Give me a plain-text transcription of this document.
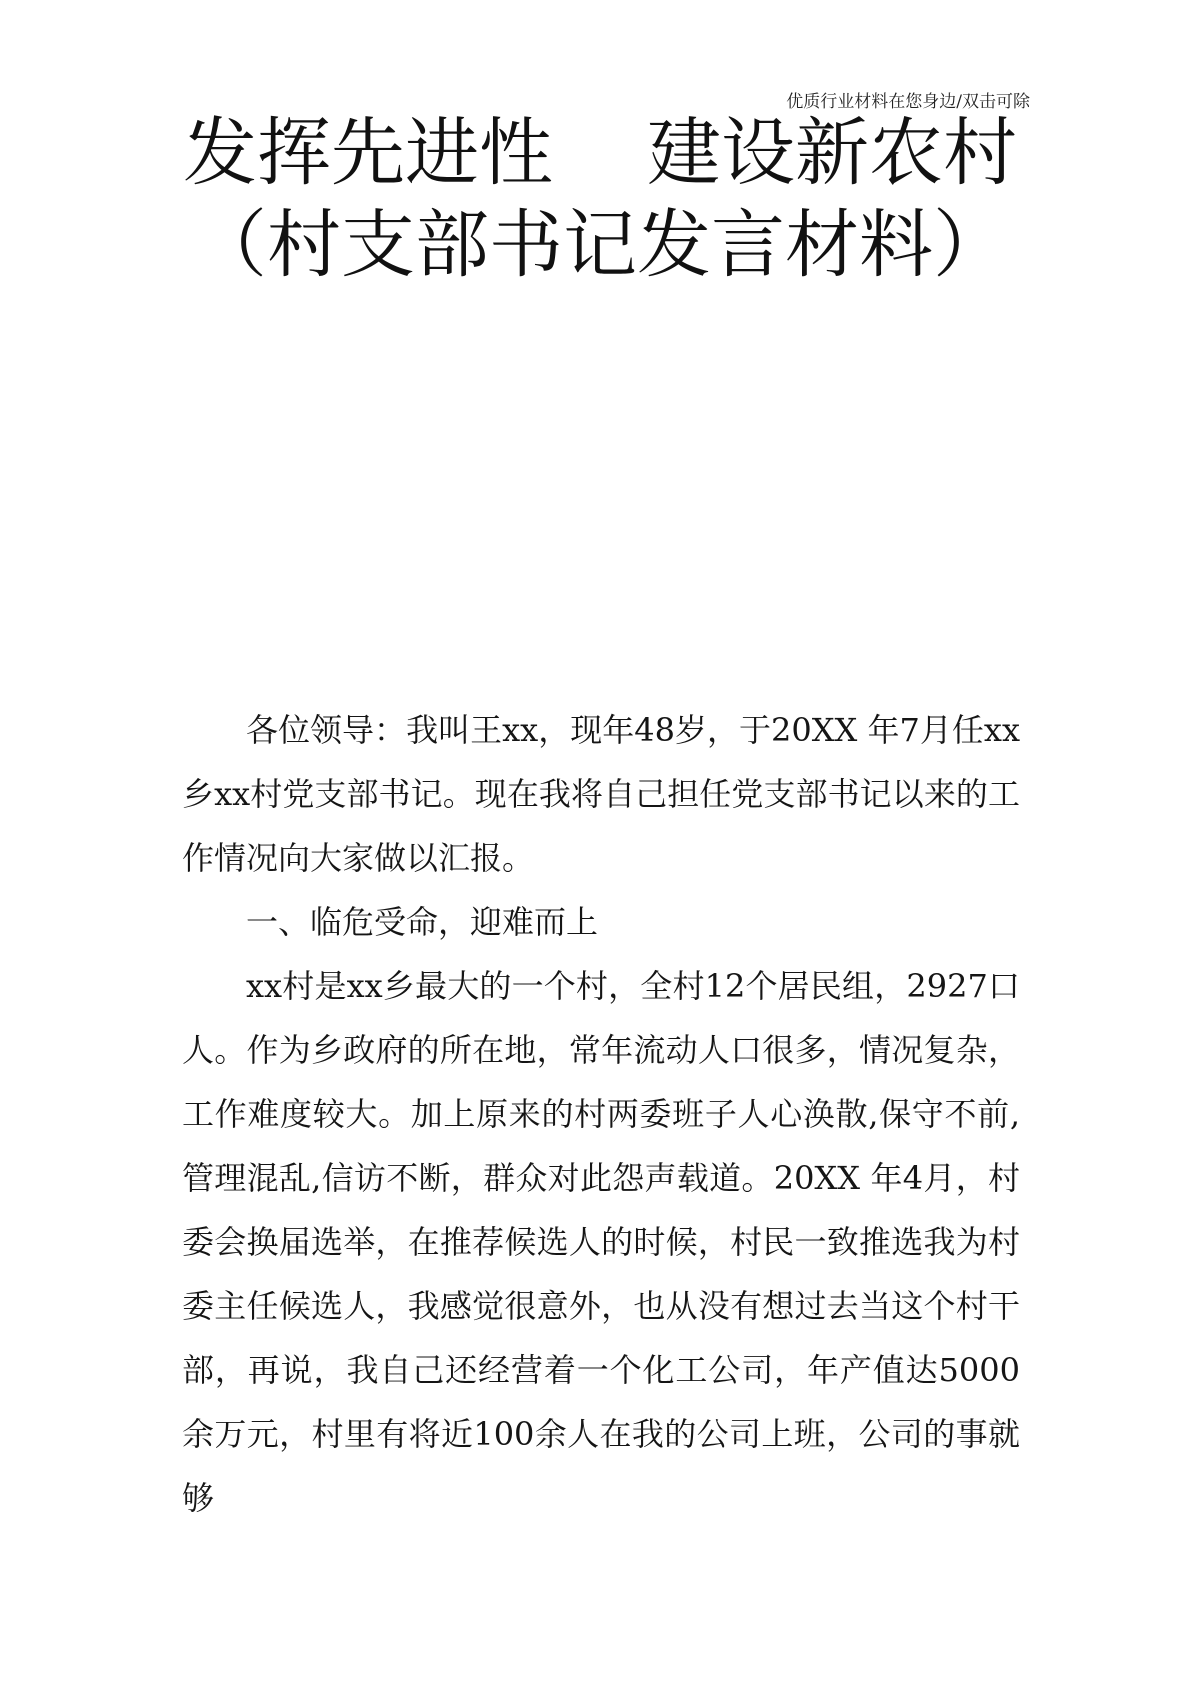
优质行业材料在您身边/双击可除
发挥先进性    建设新农村
（村支部书记发言材料）

各位领导：我叫王xx，现年48岁，于20XX 年7月任xx乡xx村党支部书记。现在我将自己担任党支部书记以来的工作情况向大家做以汇报。

一、临危受命，迎难而上

xx村是xx乡最大的一个村，全村12个居民组，2927口人。作为乡政府的所在地，常年流动人口很多，情况复杂，工作难度较大。加上原来的村两委班子人心涣散,保守不前,管理混乱,信访不断，群众对此怨声载道。20XX 年4月，村委会换届选举，在推荐候选人的时候，村民一致推选我为村委主任候选人，我感觉很意外，也从没有想过去当这个村干部，再说，我自己还经营着一个化工公司，年产值达5000余万元，村里有将近100余人在我的公司上班，公司的事就够
